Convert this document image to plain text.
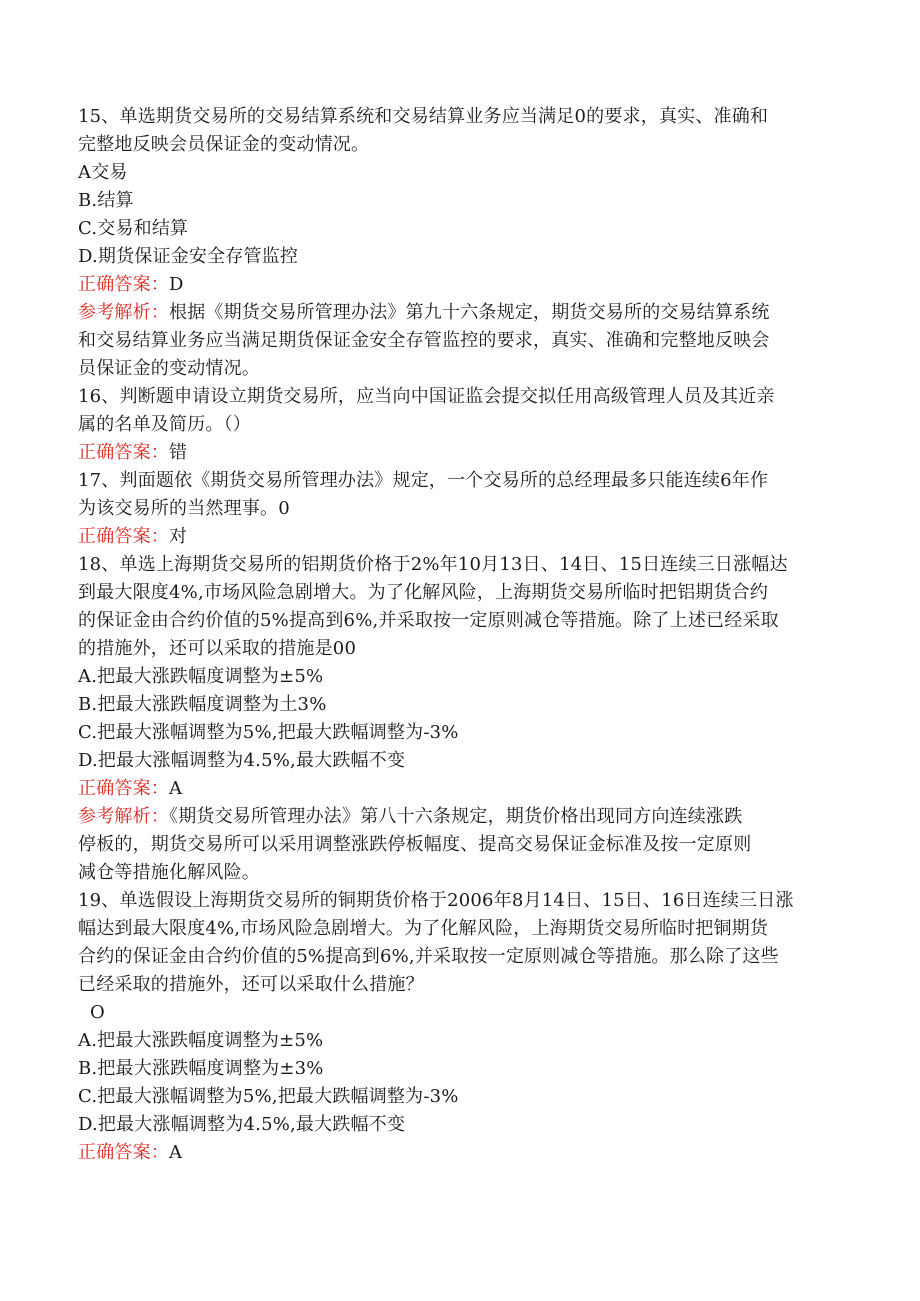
15、单选期货交易所的交易结算系统和交易结算业务应当满足0的要求，真实、准确和
完整地反映会员保证金的变动情况。
A交易
B.结算
C.交易和结算
D.期货保证金安全存管监控
正确答案：D
参考解析：根据《期货交易所管理办法》第九十六条规定，期货交易所的交易结算系统
和交易结算业务应当满足期货保证金安全存管监控的要求，真实、准确和完整地反映会
员保证金的变动情况。
16、判断题申请设立期货交易所，应当向中国证监会提交拟任用高级管理人员及其近亲
属的名单及简历。（）
正确答案：错
17、判面题依《期货交易所管理办法》规定，一个交易所的总经理最多只能连续6年作
为该交易所的当然理事。0
正确答案：对
18、单选上海期货交易所的铝期货价格于2%年10月13日、14日、15日连续三日涨幅达
到最大限度4%,市场风险急剧增大。为了化解风险，上海期货交易所临时把铝期货合约
的保证金由合约价值的5%提高到6%,并采取按一定原则减仓等措施。除了上述已经采取
的措施外，还可以采取的措施是00
A.把最大涨跌幅度调整为±5%
B.把最大涨跌幅度调整为土3%
C.把最大涨幅调整为5%,把最大跌幅调整为-3%
D.把最大涨幅调整为4.5%,最大跌幅不变
正确答案：A
参考解析：《期货交易所管理办法》第八十六条规定，期货价格出现同方向连续涨跌
停板的，期货交易所可以采用调整涨跌停板幅度、提高交易保证金标准及按一定原则
减仓等措施化解风险。
19、单选假设上海期货交易所的铜期货价格于2006年8月14日、15日、16日连续三日涨
幅达到最大限度4%,市场风险急剧增大。为了化解风险，上海期货交易所临时把铜期货
合约的保证金由合约价值的5%提高到6%,并采取按一定原则减仓等措施。那么除了这些
已经采取的措施外，还可以采取什么措施？
O
A.把最大涨跌幅度调整为±5%
B.把最大涨跌幅度调整为±3%
C.把最大涨幅调整为5%,把最大跌幅调整为-3%
D.把最大涨幅调整为4.5%,最大跌幅不变
正确答案：A
